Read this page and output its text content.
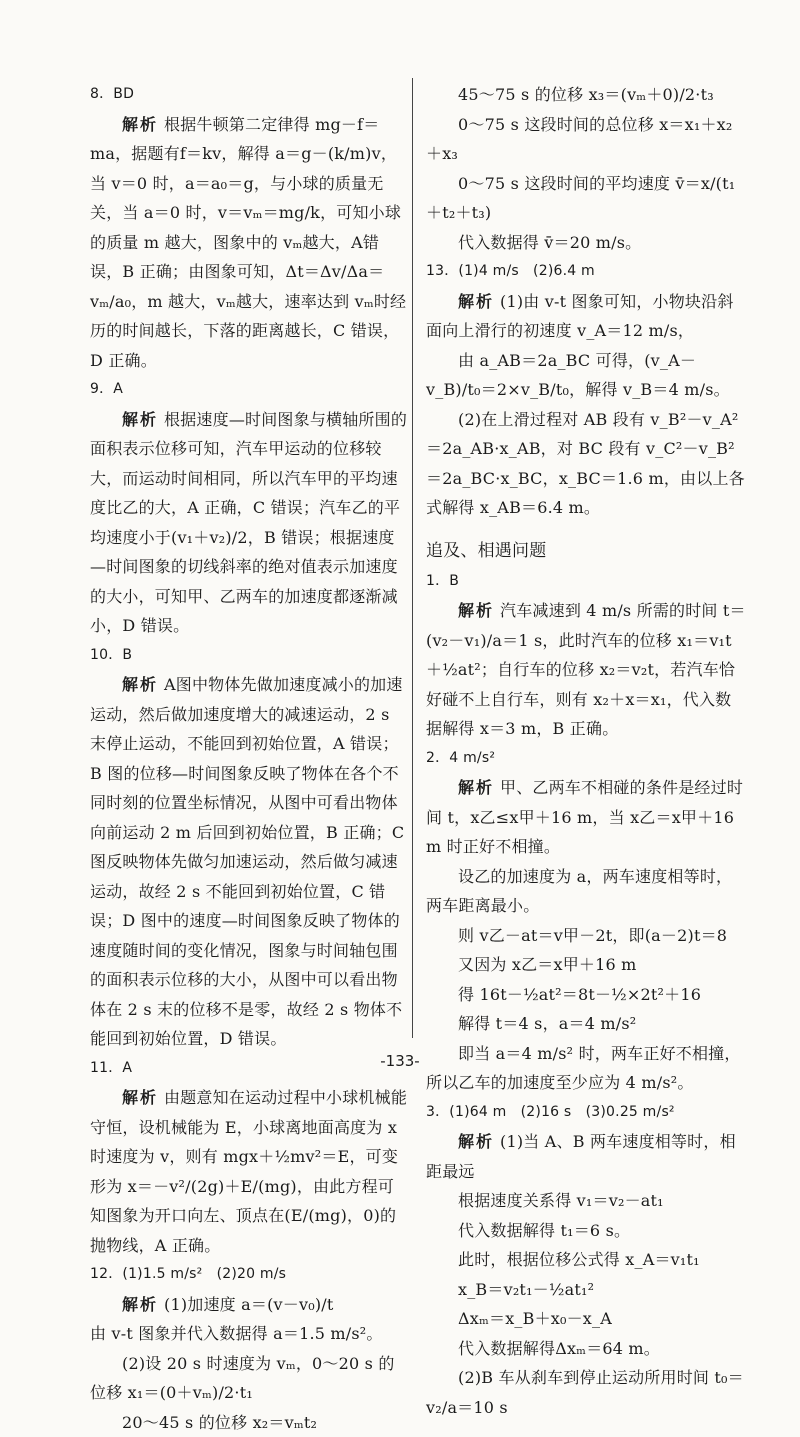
8．BD

解析 根据牛顿第二定律得 mg－f＝ma，据题有f＝kv，解得 a＝g－(k/m)v，当 v＝0 时，a＝a₀＝g，与小球的质量无关，当 a＝0 时，v＝vₘ＝mg/k，可知小球的质量 m 越大，图象中的 vₘ越大，A错误，B 正确；由图象可知，Δt＝Δv/Δa＝vₘ/a₀，m 越大，vₘ越大，速率达到 vₘ时经历的时间越长，下落的距离越长，C 错误，D 正确。

9．A

解析 根据速度—时间图象与横轴所围的面积表示位移可知，汽车甲运动的位移较大，而运动时间相同，所以汽车甲的平均速度比乙的大，A 正确，C 错误；汽车乙的平均速度小于(v₁＋v₂)/2，B 错误；根据速度—时间图象的切线斜率的绝对值表示加速度的大小，可知甲、乙两车的加速度都逐渐减小，D 错误。

10．B

解析 A图中物体先做加速度减小的加速运动，然后做加速度增大的减速运动，2 s 末停止运动，不能回到初始位置，A 错误；B 图的位移—时间图象反映了物体在各个不同时刻的位置坐标情况，从图中可看出物体向前运动 2 m 后回到初始位置，B 正确；C 图反映物体先做匀加速运动，然后做匀减速运动，故经 2 s 不能回到初始位置，C 错误；D 图中的速度—时间图象反映了物体的速度随时间的变化情况，图象与时间轴包围的面积表示位移的大小，从图中可以看出物体在 2 s 末的位移不是零，故经 2 s 物体不能回到初始位置，D 错误。

11．A

解析 由题意知在运动过程中小球机械能守恒，设机械能为 E，小球离地面高度为 x 时速度为 v，则有 mgx＋½mv²＝E，可变形为 x＝－v²/(2g)＋E/(mg)，由此方程可知图象为开口向左、顶点在(E/(mg)，0)的抛物线，A 正确。

12．(1)1.5 m/s²　(2)20 m/s

解析 (1)加速度 a＝(v－v₀)/t

由 v-t 图象并代入数据得 a＝1.5 m/s²。

(2)设 20 s 时速度为 vₘ，0～20 s 的位移 x₁＝(0＋vₘ)/2·t₁

20～45 s 的位移 x₂＝vₘt₂

45～75 s 的位移 x₃＝(vₘ＋0)/2·t₃

0～75 s 这段时间的总位移 x＝x₁＋x₂＋x₃

0～75 s 这段时间的平均速度 v̄＝x/(t₁＋t₂＋t₃)

代入数据得 v̄＝20 m/s。

13．(1)4 m/s　(2)6.4 m

解析 (1)由 v-t 图象可知，小物块沿斜面向上滑行的初速度 v_A＝12 m/s，

由 a_AB＝2a_BC 可得，(v_A－v_B)/t₀＝2×v_B/t₀，解得 v_B＝4 m/s。

(2)在上滑过程对 AB 段有 v_B²－v_A²＝2a_AB·x_AB，对 BC 段有 v_C²－v_B²＝2a_BC·x_BC，x_BC＝1.6 m，由以上各式解得 x_AB＝6.4 m。

追及、相遇问题

1．B

解析 汽车减速到 4 m/s 所需的时间 t＝(v₂－v₁)/a＝1 s，此时汽车的位移 x₁＝v₁t＋½at²；自行车的位移 x₂＝v₂t，若汽车恰好碰不上自行车，则有 x₂＋x＝x₁，代入数据解得 x＝3 m，B 正确。

2．4 m/s²

解析 甲、乙两车不相碰的条件是经过时间 t，x乙≤x甲＋16 m，当 x乙＝x甲＋16 m 时正好不相撞。

设乙的加速度为 a，两车速度相等时，两车距离最小。

则 v乙－at＝v甲－2t，即(a－2)t＝8

又因为 x乙＝x甲＋16 m

得 16t－½at²＝8t－½×2t²＋16

解得 t＝4 s，a＝4 m/s²

即当 a＝4 m/s² 时，两车正好不相撞，所以乙车的加速度至少应为 4 m/s²。

3．(1)64 m　(2)16 s　(3)0.25 m/s²

解析 (1)当 A、B 两车速度相等时，相距最远

根据速度关系得 v₁＝v₂－at₁

代入数据解得 t₁＝6 s。

此时，根据位移公式得 x_A＝v₁t₁

x_B＝v₂t₁－½at₁²

Δxₘ＝x_B＋x₀－x_A

代入数据解得Δxₘ＝64 m。

(2)B 车从刹车到停止运动所用时间 t₀＝v₂/a＝10 s

-133-
